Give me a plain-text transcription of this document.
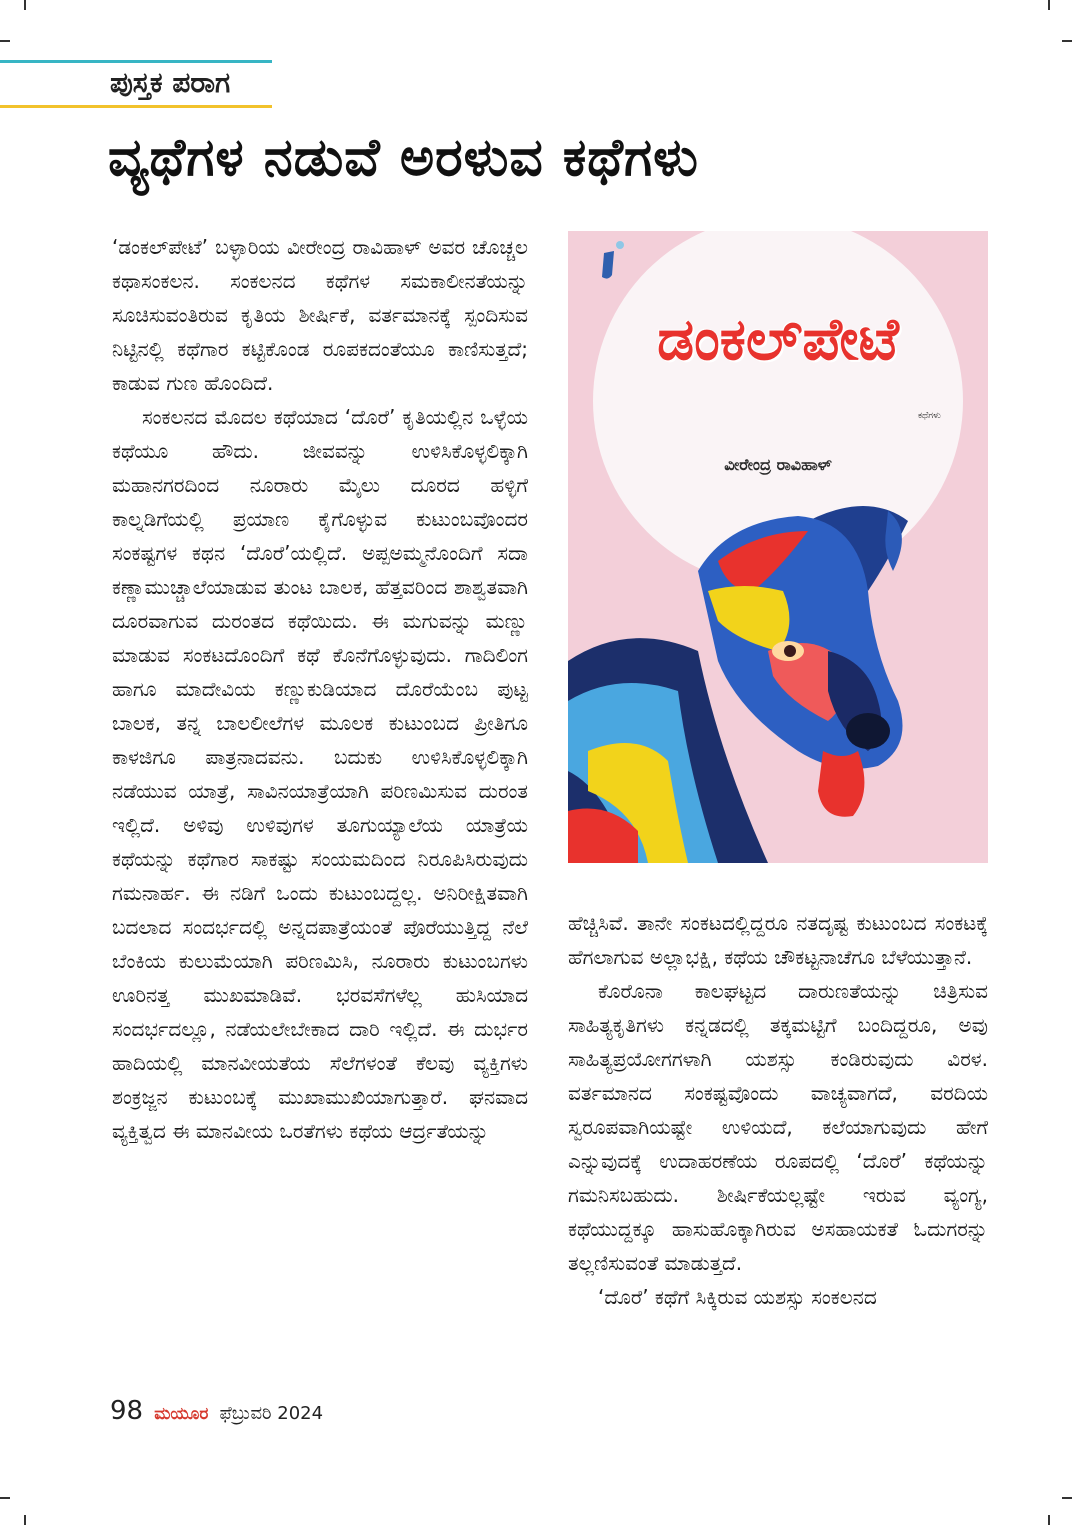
ಪುಸ್ತಕ ಪರಾಗ
ವ್ಯಥೆಗಳ ನಡುವೆ ಅರಳುವ ಕಥೆಗಳು

‘ಡಂಕಲ್‌ಪೇಟೆ’ ಬಳ್ಳಾರಿಯ ವೀರೇಂದ್ರ ರಾವಿಹಾಳ್ ಅವರ ಚೊಚ್ಚಲ ಕಥಾಸಂಕಲನ. ಸಂಕಲನದ ಕಥೆಗಳ ಸಮಕಾಲೀನತೆಯನ್ನು ಸೂಚಿಸುವಂತಿರುವ ಕೃತಿಯ ಶೀರ್ಷಿಕೆ, ವರ್ತಮಾನಕ್ಕೆ ಸ್ಪಂದಿಸುವ ನಿಟ್ಟಿನಲ್ಲಿ ಕಥೆಗಾರ ಕಟ್ಟಿಕೊಂಡ ರೂಪಕದಂತೆಯೂ ಕಾಣಿಸುತ್ತದೆ; ಕಾಡುವ ಗುಣ ಹೊಂದಿದೆ.

ಸಂಕಲನದ ಮೊದಲ ಕಥೆಯಾದ ‘ದೊರೆ’ ಕೃತಿಯಲ್ಲಿನ ಒಳ್ಳೆಯ ಕಥೆಯೂ ಹೌದು. ಜೀವವನ್ನು ಉಳಿಸಿಕೊಳ್ಳಲಿಕ್ಕಾಗಿ ಮಹಾನಗರದಿಂದ ನೂರಾರು ಮೈಲು ದೂರದ ಹಳ್ಳಿಗೆ ಕಾಲ್ನಡಿಗೆಯಲ್ಲಿ ಪ್ರಯಾಣ ಕೈಗೊಳ್ಳುವ ಕುಟುಂಬವೊಂದರ ಸಂಕಷ್ಟಗಳ ಕಥನ ‘ದೊರೆ’ಯಲ್ಲಿದೆ. ಅಪ್ಪಅಮ್ಮನೊಂದಿಗೆ ಸದಾ ಕಣ್ಣಾಮುಚ್ಚಾಲೆಯಾಡುವ ತುಂಟ ಬಾಲಕ, ಹೆತ್ತವರಿಂದ ಶಾಶ್ವತವಾಗಿ ದೂರವಾಗುವ ದುರಂತದ ಕಥೆಯಿದು. ಈ ಮಗುವನ್ನು ಮಣ್ಣು ಮಾಡುವ ಸಂಕಟದೊಂದಿಗೆ ಕಥೆ ಕೊನೆಗೊಳ್ಳುವುದು. ಗಾದಿಲಿಂಗ ಹಾಗೂ ಮಾದೇವಿಯ ಕಣ್ಣುಕುಡಿಯಾದ ದೊರೆಯೆಂಬ ಪುಟ್ಟ ಬಾಲಕ, ತನ್ನ ಬಾಲಲೀಲೆಗಳ ಮೂಲಕ ಕುಟುಂಬದ ಪ್ರೀತಿಗೂ ಕಾಳಜಿಗೂ ಪಾತ್ರನಾದವನು. ಬದುಕು ಉಳಿಸಿಕೊಳ್ಳಲಿಕ್ಕಾಗಿ ನಡೆಯುವ ಯಾತ್ರೆ, ಸಾವಿನಯಾತ್ರೆಯಾಗಿ ಪರಿಣಮಿಸುವ ದುರಂತ ಇಲ್ಲಿದೆ. ಅಳಿವು ಉಳಿವುಗಳ ತೂಗುಯ್ಯಾಲೆಯ ಯಾತ್ರೆಯ ಕಥೆಯನ್ನು ಕಥೆಗಾರ ಸಾಕಷ್ಟು ಸಂಯಮದಿಂದ ನಿರೂಪಿಸಿರುವುದು ಗಮನಾರ್ಹ. ಈ ನಡಿಗೆ ಒಂದು ಕುಟುಂಬದ್ದಲ್ಲ. ಅನಿರೀಕ್ಷಿತವಾಗಿ ಬದಲಾದ ಸಂದರ್ಭದಲ್ಲಿ ಅನ್ನದಪಾತ್ರೆಯಂತೆ ಪೊರೆಯುತ್ತಿದ್ದ ನೆಲೆ ಬೆಂಕಿಯ ಕುಲುಮೆಯಾಗಿ ಪರಿಣಮಿಸಿ, ನೂರಾರು ಕುಟುಂಬಗಳು ಊರಿನತ್ತ ಮುಖಮಾಡಿವೆ. ಭರವಸೆಗಳೆಲ್ಲ ಹುಸಿಯಾದ ಸಂದರ್ಭದಲ್ಲೂ, ನಡೆಯಲೇಬೇಕಾದ ದಾರಿ ಇಲ್ಲಿದೆ. ಈ ದುರ್ಭರ ಹಾದಿಯಲ್ಲಿ ಮಾನವೀಯತೆಯ ಸೆಲೆಗಳಂತೆ ಕೆಲವು ವ್ಯಕ್ತಿಗಳು ಶಂಕ್ರಜ್ಜನ ಕುಟುಂಬಕ್ಕೆ ಮುಖಾಮುಖಿಯಾಗುತ್ತಾರೆ. ಘನವಾದ ವ್ಯಕ್ತಿತ್ವದ ಈ ಮಾನವೀಯ ಒರತೆಗಳು ಕಥೆಯ ಆರ್ದ್ರತೆಯನ್ನು

ಡಂಕಲ್‌ಪೇಟೆ
ಕಥೆಗಳು
ವೀರೇಂದ್ರ ರಾವಿಹಾಳ್

ಹೆಚ್ಚಿಸಿವೆ. ತಾನೇ ಸಂಕಟದಲ್ಲಿದ್ದರೂ ನತದೃಷ್ಟ ಕುಟುಂಬದ ಸಂಕಟಕ್ಕೆ ಹೆಗಲಾಗುವ ಅಲ್ಲಾಭಕ್ಷಿ, ಕಥೆಯ ಚೌಕಟ್ಟನಾಚೆಗೂ ಬೆಳೆಯುತ್ತಾನೆ.

ಕೊರೊನಾ ಕಾಲಘಟ್ಟದ ದಾರುಣತೆಯನ್ನು ಚಿತ್ರಿಸುವ ಸಾಹಿತ್ಯಕೃತಿಗಳು ಕನ್ನಡದಲ್ಲಿ ತಕ್ಕಮಟ್ಟಿಗೆ ಬಂದಿದ್ದರೂ, ಅವು ಸಾಹಿತ್ಯಪ್ರಯೋಗಗಳಾಗಿ ಯಶಸ್ಸು ಕಂಡಿರುವುದು ವಿರಳ. ವರ್ತಮಾನದ ಸಂಕಷ್ಟವೊಂದು ವಾಚ್ಯವಾಗದೆ, ವರದಿಯ ಸ್ವರೂಪವಾಗಿಯಷ್ಟೇ ಉಳಿಯದೆ, ಕಲೆಯಾಗುವುದು ಹೇಗೆ ಎನ್ನುವುದಕ್ಕೆ ಉದಾಹರಣೆಯ ರೂಪದಲ್ಲಿ ‘ದೊರೆ’ ಕಥೆಯನ್ನು ಗಮನಿಸಬಹುದು. ಶೀರ್ಷಿಕೆಯಲ್ಲಷ್ಟೇ ಇರುವ ವ್ಯಂಗ್ಯ, ಕಥೆಯುದ್ದಕ್ಕೂ ಹಾಸುಹೊಕ್ಕಾಗಿರುವ ಅಸಹಾಯಕತೆ ಓದುಗರನ್ನು ತಲ್ಲಣಿಸುವಂತೆ ಮಾಡುತ್ತದೆ.

‘ದೊರೆ’ ಕಥೆಗೆ ಸಿಕ್ಕಿರುವ ಯಶಸ್ಸು ಸಂಕಲನದ

98 ಮಯೂರ ಫೆಬ್ರುವರಿ 2024
